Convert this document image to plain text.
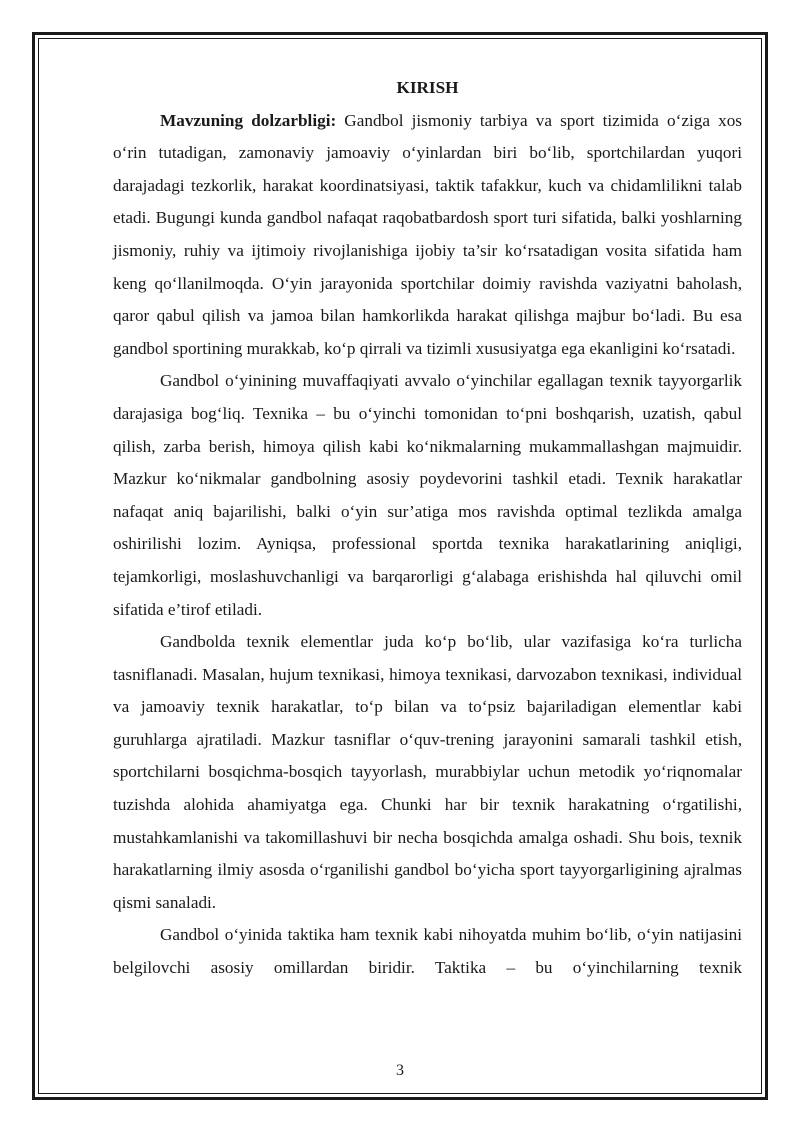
KIRISH

Mavzuning dolzarbligi: Gandbol jismoniy tarbiya va sport tizimida o‘ziga xos o‘rin tutadigan, zamonaviy jamoaviy o‘yinlardan biri bo‘lib, sportchilardan yuqori darajadagi tezkorlik, harakat koordinatsiyasi, taktik tafakkur, kuch va chidamlilikni talab etadi. Bugungi kunda gandbol nafaqat raqobatbardosh sport turi sifatida, balki yoshlarning jismoniy, ruhiy va ijtimoiy rivojlanishiga ijobiy ta’sir ko‘rsatadigan vosita sifatida ham keng qo‘llanilmoqda. O‘yin jarayonida sportchilar doimiy ravishda vaziyatni baholash, qaror qabul qilish va jamoa bilan hamkorlikda harakat qilishga majbur bo‘ladi. Bu esa gandbol sportining murakkab, ko‘p qirrali va tizimli xususiyatga ega ekanligini ko‘rsatadi.

Gandbol o‘yinining muvaffaqiyati avvalo o‘yinchilar egallagan texnik tayyorgarlik darajasiga bog‘liq. Texnika – bu o‘yinchi tomonidan to‘pni boshqarish, uzatish, qabul qilish, zarba berish, himoya qilish kabi ko‘nikmalarning mukammallashgan majmuidir. Mazkur ko‘nikmalar gandbolning asosiy poydevorini tashkil etadi. Texnik harakatlar nafaqat aniq bajarilishi, balki o‘yin sur’atiga mos ravishda optimal tezlikda amalga oshirilishi lozim. Ayniqsa, professional sportda texnika harakatlarining aniqligi, tejamkorligi, moslashuvchanligi va barqarorligi g‘alabaga erishishda hal qiluvchi omil sifatida e’tirof etiladi.

Gandbolda texnik elementlar juda ko‘p bo‘lib, ular vazifasiga ko‘ra turlicha tasniflanadi. Masalan, hujum texnikasi, himoya texnikasi, darvozabon texnikasi, individual va jamoaviy texnik harakatlar, to‘p bilan va to‘psiz bajariladigan elementlar kabi guruhlarga ajratiladi. Mazkur tasniflar o‘quv-trening jarayonini samarali tashkil etish, sportchilarni bosqichma-bosqich tayyorlash, murabbiylar uchun metodik yo‘riqnomalar tuzishda alohida ahamiyatga ega. Chunki har bir texnik harakatning o‘rgatilishi, mustahkamlanishi va takomillashuvi bir necha bosqichda amalga oshadi. Shu bois, texnik harakatlarning ilmiy asosda o‘rganilishi gandbol bo‘yicha sport tayyorgarligining ajralmas qismi sanaladi.

Gandbol o‘yinida taktika ham texnik kabi nihoyatda muhim bo‘lib, o‘yin natijasini belgilovchi asosiy omillardan biridir. Taktika – bu o‘yinchilarning texnik

3
